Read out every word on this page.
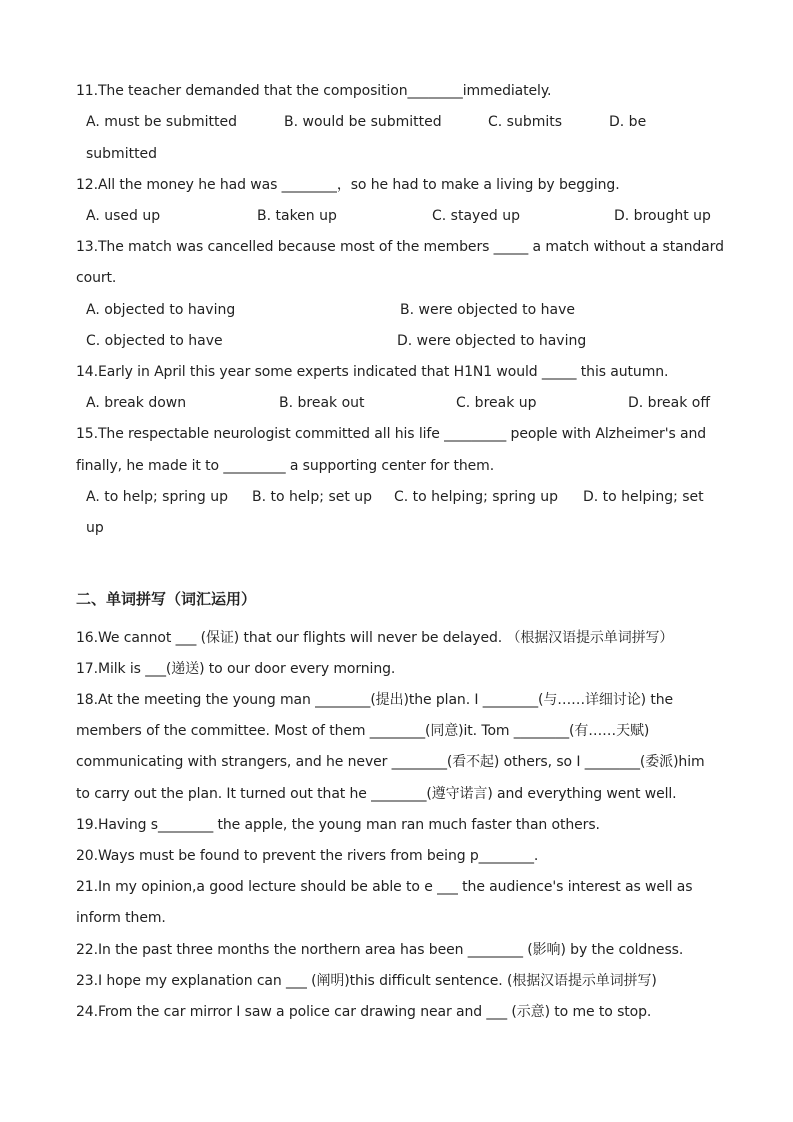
11.The teacher demanded that the composition________immediately.
A. must be submitted	B. would be submitted	C. submits	D. be
submitted
12.All the money he had was ________，so he had to make a living by begging.
A. used up	B. taken up	C. stayed up	D. brought up
13.The match was cancelled because most of the members _____ a match without a standard
court.
A. objected to having	B. were objected to have
C. objected to have	D. were objected to having
14.Early in April this year some experts indicated that H1N1 would _____ this autumn.
A. break down	B. break out	C. break up	D. break off
15.The respectable neurologist committed all his life _________ people with Alzheimer's and
finally, he made it to _________ a supporting center for them.
A. to help; spring up B. to help; set up C. to helping; spring up D. to helping; set
up
二、单词拼写（词汇运用）
16.We cannot ___ (保证) that our flights will never be delayed. （根据汉语提示单词拼写）
17.Milk is ___(递送) to our door every morning.
18.At the meeting the young man ________(提出)the plan. I ________(与……详细讨论) the
members of the committee. Most of them ________(同意)it. Tom ________(有……天赋)
communicating with strangers, and he never ________(看不起) others, so I ________(委派)him
to carry out the plan. It turned out that he ________(遵守诺言) and everything went well.
19.Having s________ the apple, the young man ran much faster than others.
20.Ways must be found to prevent the rivers from being p________.
21.In my opinion,a good lecture should be able to e ___ the audience's interest as well as
inform them.
22.In the past three months the northern area has been ________ (影响) by the coldness.
23.I hope my explanation can ___ (阐明)this difficult sentence. (根据汉语提示单词拼写)
24.From the car mirror I saw a police car drawing near and ___ (示意) to me to stop.
